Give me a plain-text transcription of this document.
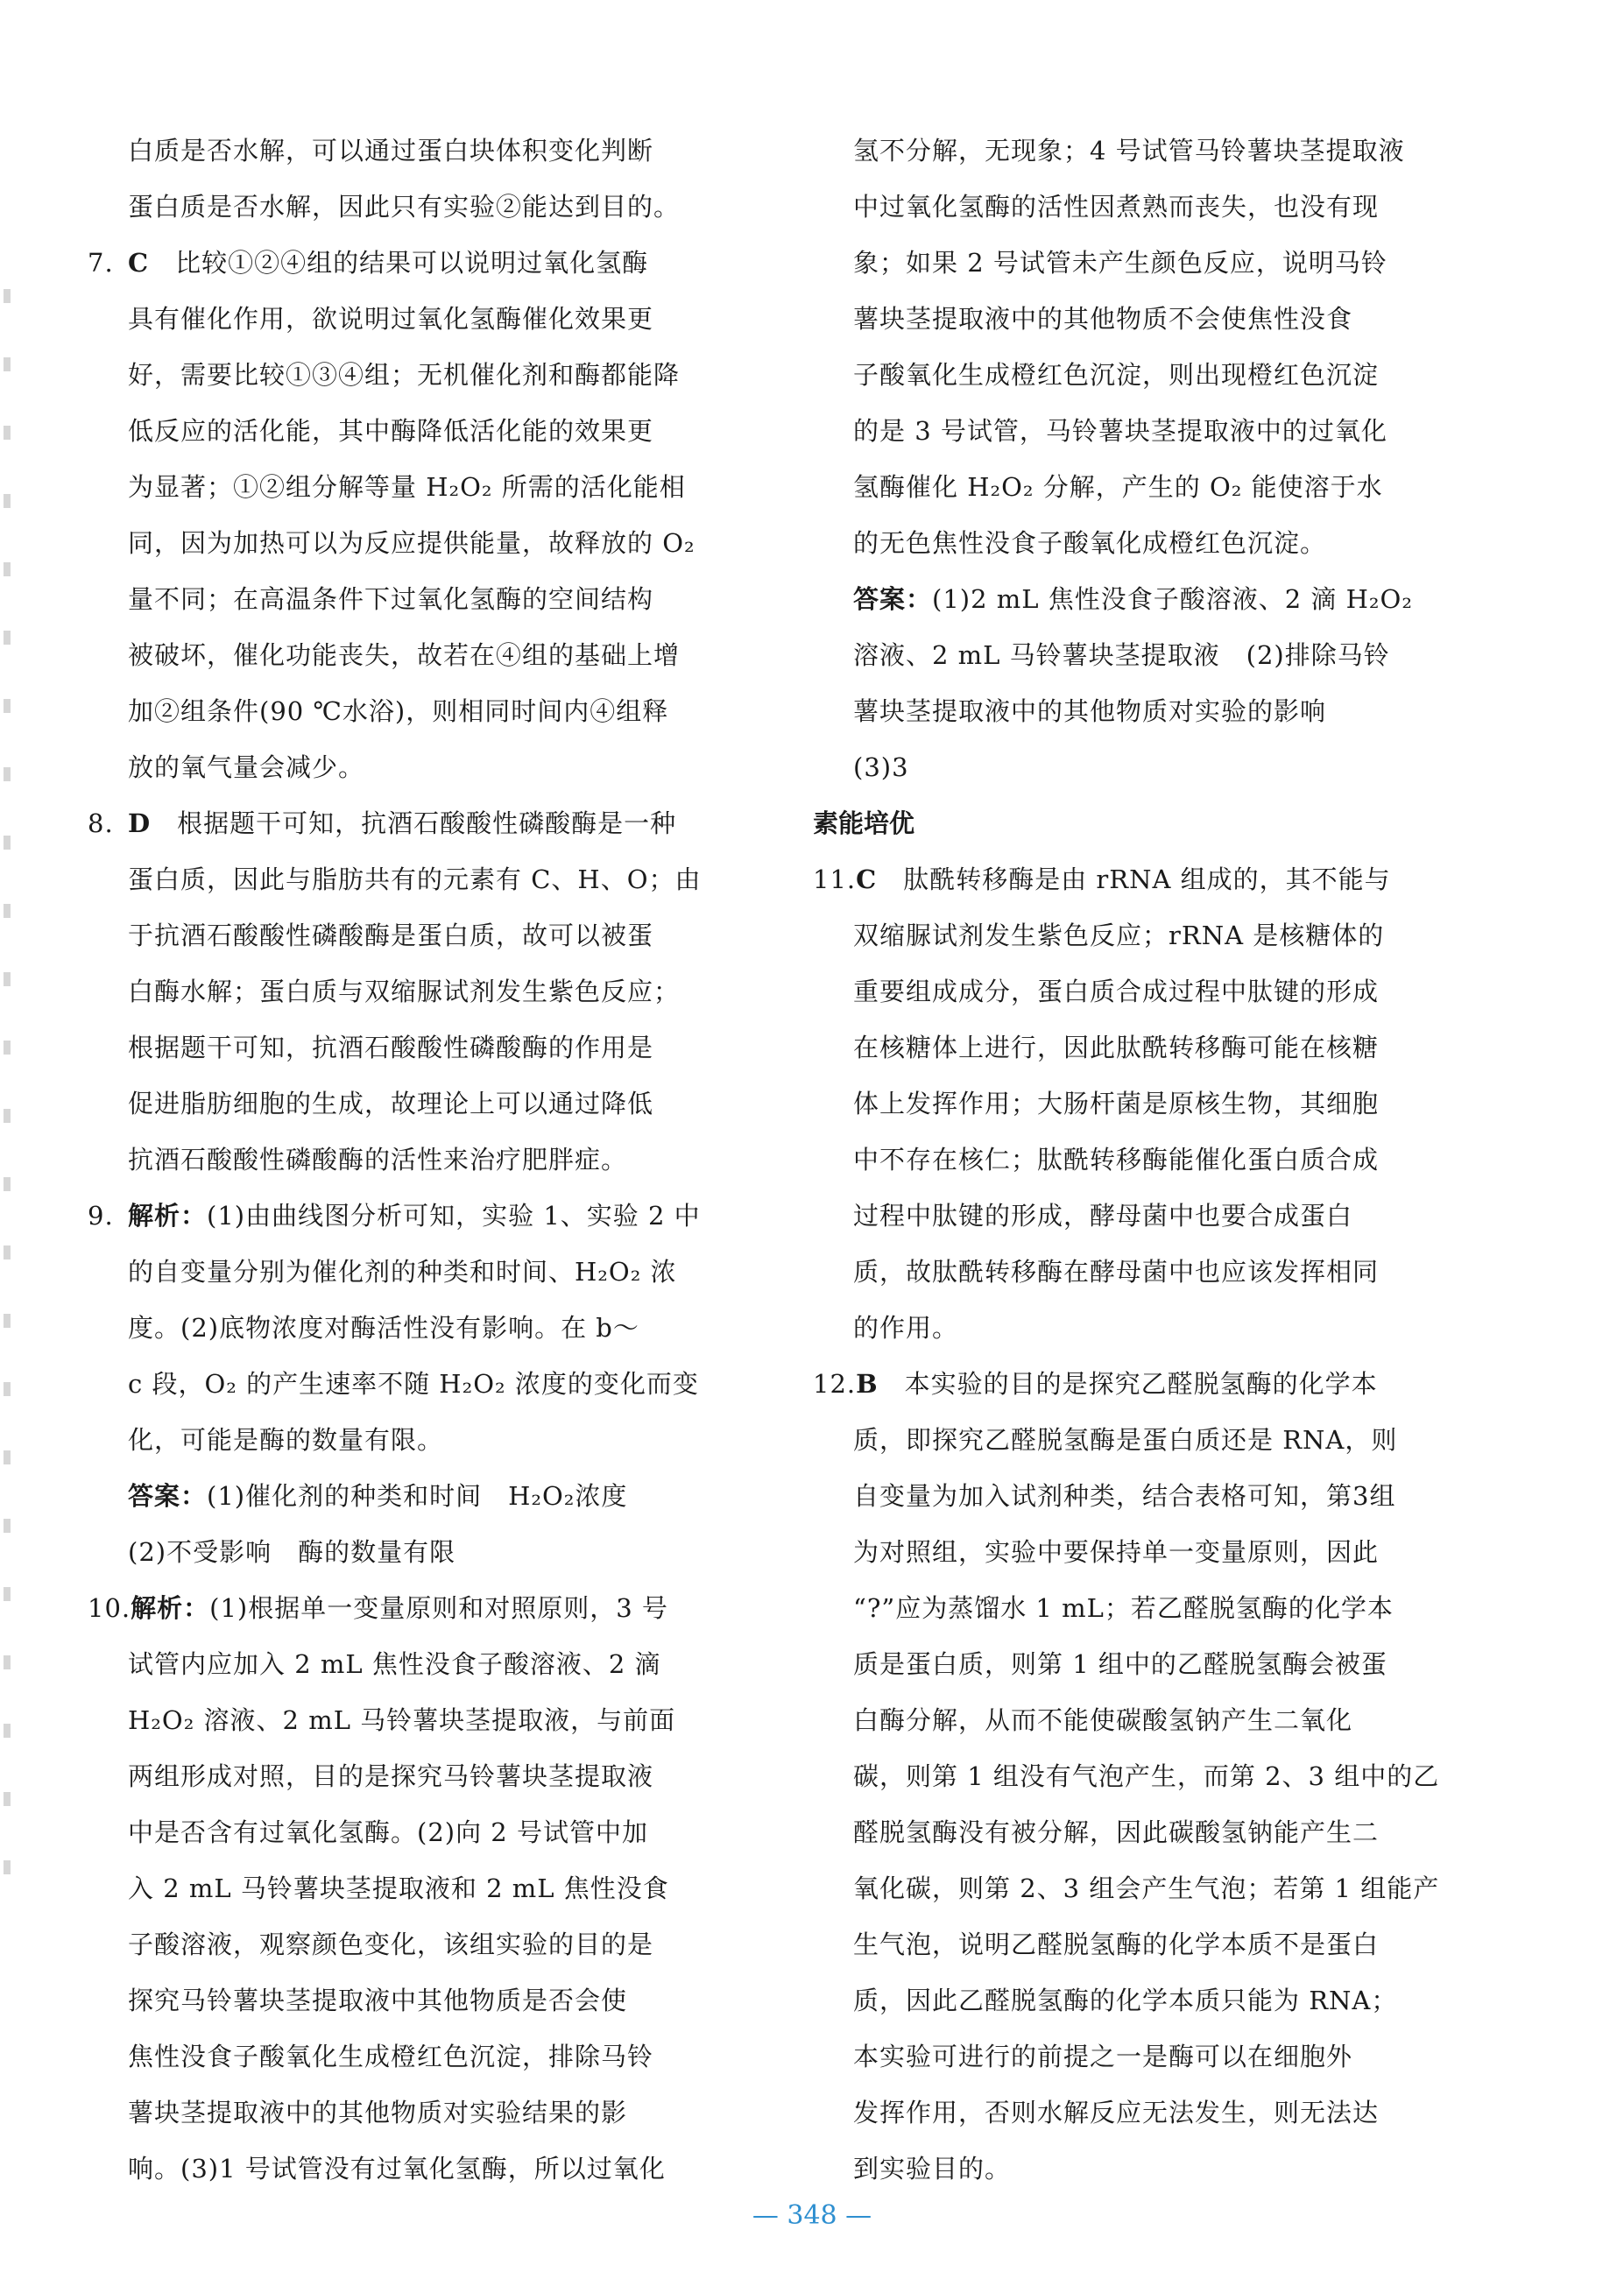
白质是否水解，可以通过蛋白块体积变化判断
蛋白质是否水解，因此只有实验②能达到目的。
7. C　比较①②④组的结果可以说明过氧化氢酶
具有催化作用，欲说明过氧化氢酶催化效果更
好，需要比较①③④组；无机催化剂和酶都能降
低反应的活化能，其中酶降低活化能的效果更
为显著；①②组分解等量 H₂O₂ 所需的活化能相
同，因为加热可以为反应提供能量，故释放的 O₂
量不同；在高温条件下过氧化氢酶的空间结构
被破坏，催化功能丧失，故若在④组的基础上增
加②组条件(90 ℃水浴)，则相同时间内④组释
放的氧气量会减少。
8. D　根据题干可知，抗酒石酸酸性磷酸酶是一种
蛋白质，因此与脂肪共有的元素有 C、H、O；由
于抗酒石酸酸性磷酸酶是蛋白质，故可以被蛋
白酶水解；蛋白质与双缩脲试剂发生紫色反应；
根据题干可知，抗酒石酸酸性磷酸酶的作用是
促进脂肪细胞的生成，故理论上可以通过降低
抗酒石酸酸性磷酸酶的活性来治疗肥胖症。
9. 解析：(1)由曲线图分析可知，实验 1、实验 2 中
的自变量分别为催化剂的种类和时间、H₂O₂ 浓
度。(2)底物浓度对酶活性没有影响。在 b～
c 段，O₂ 的产生速率不随 H₂O₂ 浓度的变化而变
化，可能是酶的数量有限。
答案：(1)催化剂的种类和时间　H₂O₂浓度
(2)不受影响　酶的数量有限
10.解析：(1)根据单一变量原则和对照原则，3 号
试管内应加入 2 mL 焦性没食子酸溶液、2 滴
H₂O₂ 溶液、2 mL 马铃薯块茎提取液，与前面
两组形成对照，目的是探究马铃薯块茎提取液
中是否含有过氧化氢酶。(2)向 2 号试管中加
入 2 mL 马铃薯块茎提取液和 2 mL 焦性没食
子酸溶液，观察颜色变化，该组实验的目的是
探究马铃薯块茎提取液中其他物质是否会使
焦性没食子酸氧化生成橙红色沉淀，排除马铃
薯块茎提取液中的其他物质对实验结果的影
响。(3)1 号试管没有过氧化氢酶，所以过氧化
氢不分解，无现象；4 号试管马铃薯块茎提取液
中过氧化氢酶的活性因煮熟而丧失，也没有现
象；如果 2 号试管未产生颜色反应，说明马铃
薯块茎提取液中的其他物质不会使焦性没食
子酸氧化生成橙红色沉淀，则出现橙红色沉淀
的是 3 号试管，马铃薯块茎提取液中的过氧化
氢酶催化 H₂O₂ 分解，产生的 O₂ 能使溶于水
的无色焦性没食子酸氧化成橙红色沉淀。
答案：(1)2 mL 焦性没食子酸溶液、2 滴 H₂O₂
溶液、2 mL 马铃薯块茎提取液　(2)排除马铃
薯块茎提取液中的其他物质对实验的影响
(3)3
素能培优
11.C　肽酰转移酶是由 rRNA 组成的，其不能与
双缩脲试剂发生紫色反应；rRNA 是核糖体的
重要组成成分，蛋白质合成过程中肽键的形成
在核糖体上进行，因此肽酰转移酶可能在核糖
体上发挥作用；大肠杆菌是原核生物，其细胞
中不存在核仁；肽酰转移酶能催化蛋白质合成
过程中肽键的形成，酵母菌中也要合成蛋白
质，故肽酰转移酶在酵母菌中也应该发挥相同
的作用。
12.B　本实验的目的是探究乙醛脱氢酶的化学本
质，即探究乙醛脱氢酶是蛋白质还是 RNA，则
自变量为加入试剂种类，结合表格可知，第3组
为对照组，实验中要保持单一变量原则，因此
“?”应为蒸馏水 1 mL；若乙醛脱氢酶的化学本
质是蛋白质，则第 1 组中的乙醛脱氢酶会被蛋
白酶分解，从而不能使碳酸氢钠产生二氧化
碳，则第 1 组没有气泡产生，而第 2、3 组中的乙
醛脱氢酶没有被分解，因此碳酸氢钠能产生二
氧化碳，则第 2、3 组会产生气泡；若第 1 组能产
生气泡，说明乙醛脱氢酶的化学本质不是蛋白
质，因此乙醛脱氢酶的化学本质只能为 RNA；
本实验可进行的前提之一是酶可以在细胞外
发挥作用，否则水解反应无法发生，则无法达
到实验目的。
— 348 —
